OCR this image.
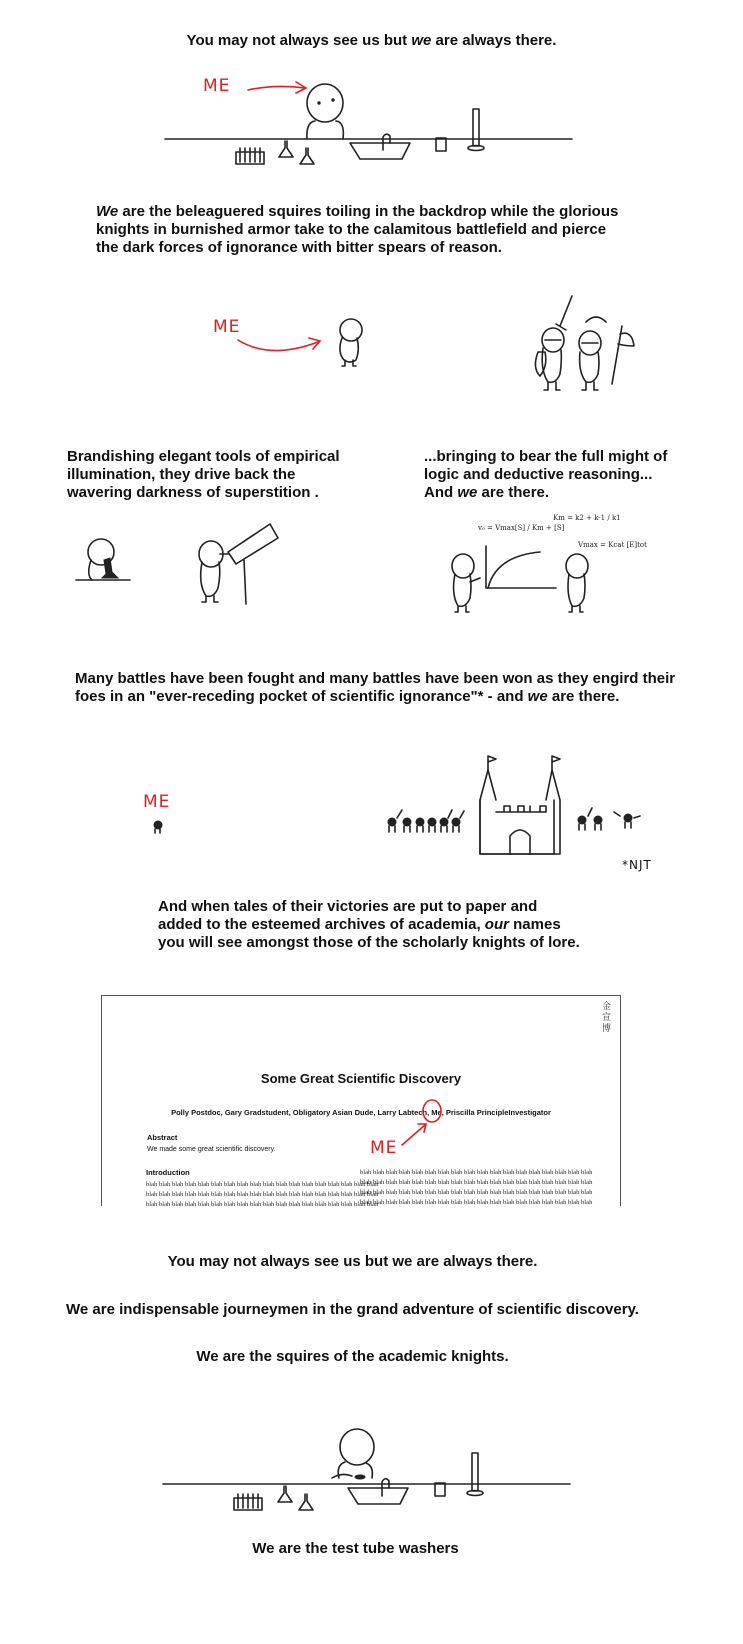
You may not always see us but we are always there.

ME

We are the beleaguered squires toiling in the backdrop while the glorious

knights in burnished armor take to the calamitous battlefield and pierce

the dark forces of ignorance with bitter spears of reason.

ME

Brandishing elegant tools of empirical

illumination, they drive back the

wavering darkness of superstition .

...bringing to bear the full might of

logic and deductive reasoning...

And we are there.

v₀ = Vmax[S] / Km + [S]
Km = k2 + k-1 / k1
Vmax = Kcat [E]tot

Many battles have been fought and many battles have been won as they engird their

foes in an "ever-receding pocket of scientific ignorance"* - and we are there.

ME
*NJT

And when tales of their victories are put to paper and

added to the esteemed archives of academia, our names

you will see amongst those of the scholarly knights of lore.

金宣博
Some Great Scientific Discovery
Polly Postdoc, Gary Gradstudent, Obligatory Asian Dude, Larry Labtech, Me, Priscilla PrincipleInvestigator
Abstract
We made some great scientific discovery.
Introduction
blah blah blah blah blah blah blah blah blah blah blah blah blah blah blah blah blah blah
blah blah blah blah blah blah blah blah blah blah blah blah blah blah blah blah blah blah
blah blah blah blah blah blah blah blah blah blah blah blah blah blah blah blah blah blah
blah blah blah blah blah blah blah blah blah blah blah blah blah blah blah blah blah blah
blah blah blah blah blah blah blah blah blah blah blah blah blah blah blah blah blah blah
blah blah blah blah blah blah blah blah blah blah blah blah blah blah blah blah blah blah
blah blah blah blah blah blah blah blah blah blah blah blah blah blah blah blah blah blah
ME

You may not always see us but we are always there.

We are indispensable journeymen in the grand adventure of scientific discovery.

We are the squires of the academic knights.

We are the test tube washers
